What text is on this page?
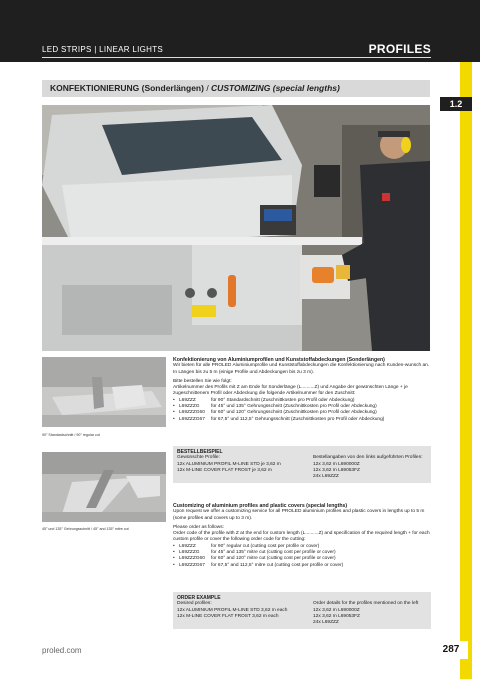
LED STRIPS | LINEAR LIGHTS	PROFILES
1.2
KONFEKTIONIERUNG (Sonderlängen) / CUSTOMIZING (special lengths)
90° Standardschnitt / 90° regular cut
45° und 135° Gehrungsschnitt / 45° and 135° mitre cut
Konfektionierung von Aluminiumprofilen und Kunststoffabdeckungen (Sonderlängen)
Wir bieten für alle PROLED Aluminiumprofile und Kunststoffabdeckungen die Konfektionierung nach Kunden-wunsch an. In Längen bis zu 5 m (einige Profile und Abdeckungen bis zu 3 m).
Bitte bestellen Sie wie folgt:
Artikelnummer des Profils mit Z am Ende für Sonderlänge (L..........Z) und Angabe der gewünschten Länge + je zugeschnittenem Profil oder Abdeckung die folgende Artikelnummer für den Zuschnitt:
• L69ZZZ	für 90° Standardschnitt (Zuschnittkosten pro Profil oder Abdeckung)
• L69ZZZG für 45° und 135° Gehrungsschnitt (Zuschnittkosten pro Profil oder Abdeckung)
• L69ZZZG60 für 60° und 120° Gehrungsschnitt (Zuschnittkosten pro Profil oder Abdeckung)
• L69ZZZG67 für 67,5° und 112,5° Gehrungsschnitt (Zuschnittkosten pro Profil oder Abdeckung)
BESTELLBEISPIEL
Gewünschte Profile:
12x ALUMINIUM PROFIL M-LINE STD je 3,62 m
12x M-LINE COVER FLAT FROST je 3,62 m
Bestellangaben von den links aufgeführten Profilen:
12x 3,62 m L690000Z
12x 3,62 m L69053FZ
24x L69ZZZ
Customizing of aluminium profiles and plastic covers (special lengths)
Upon request we offer a customizing service for all PROLED aluminium profiles and plastic covers in lengths up to 5 m (some profiles and covers up to 3 m).
Please order as follows:
Order code of the profile with Z at the end for custom length (L..........Z) and specification of the required length + for each custom profile or cover the following order code for the cutting:
• L69ZZZ	for 90° regular cut (cutting cost per profile or cover)
• L69ZZZG for 45° and 135° mitre cut (cutting cost per profile or cover)
• L69ZZZG60 for 60° and 120° mitre cut (cutting cost per profile or cover)
• L69ZZZG67 for 67,5° and 112,5° mitre cut (cutting cost per profile or cover)
ORDER EXAMPLE
Desired profiles:
12x ALUMINIUM PROFIL M-LINE STD 3,62 m each
12x M-LINE COVER FLAT FROST 3,62 m each
Order details for the profiles mentioned on the left
12x 3,62 m L690000Z
12x 3,62 m L69053FZ
24x L69ZZZ
proled.com	287
